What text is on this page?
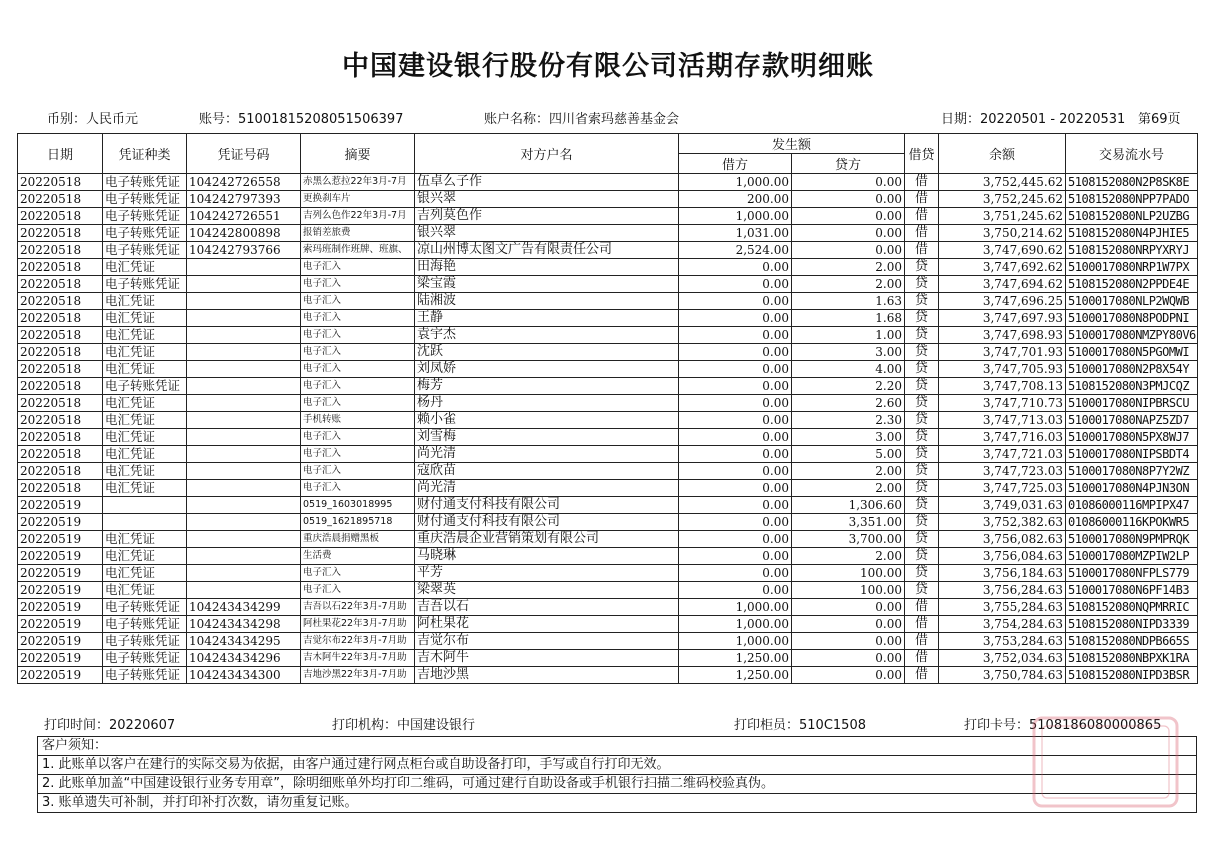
中国建设银行股份有限公司活期存款明细账
币别：人民币元	账号：51001815208051506397	账户名称：四川省索玛慈善基金会	日期：20220501 - 20220531 第69页
日期	凭证种类	凭证号码	摘要	对方户名	发生额		借贷	余额	交易流水号
					借方	贷方			
20220518	电子转账凭证	104242726558	赤黑么惹拉22年3月-7月	伍卓么子作	1,000.00	0.00	借	3,752,445.62	5108152080N2P8SK8E
20220518	电子转账凭证	104242797393	更换刹车片	银兴翠	200.00	0.00	借	3,752,245.62	5108152080NPP7PADO
20220518	电子转账凭证	104242726551	吉列么色作22年3月-7月	吉列莫色作	1,000.00	0.00	借	3,751,245.62	5108152080NLP2UZBG
20220518	电子转账凭证	104242800898	报销差旅费	银兴翠	1,031.00	0.00	借	3,750,214.62	5108152080N4PJHIE5
20220518	电子转账凭证	104242793766	索玛班制作班牌、班旗、	凉山州博太图文广告有限责任公司	2,524.00	0.00	借	3,747,690.62	5108152080NRPYXRYJ
20220518	电汇凭证		电子汇入	田海艳	0.00	2.00	贷	3,747,692.62	5100017080NRP1W7PX
20220518	电子转账凭证		电子汇入	梁宝霞	0.00	2.00	贷	3,747,694.62	5108152080N2PPDE4E
20220518	电汇凭证		电子汇入	陆湘波	0.00	1.63	贷	3,747,696.25	5100017080NLP2WQWB
20220518	电汇凭证		电子汇入	王静	0.00	1.68	贷	3,747,697.93	5100017080N8PODPNI
20220518	电汇凭证		电子汇入	袁宇杰	0.00	1.00	贷	3,747,698.93	5100017080NMZPY80V6
20220518	电汇凭证		电子汇入	沈跃	0.00	3.00	贷	3,747,701.93	5100017080N5PGOMWI
20220518	电汇凭证		电子汇入	刘凤娇	0.00	4.00	贷	3,747,705.93	5100017080N2P8X54Y
20220518	电子转账凭证		电子汇入	梅芳	0.00	2.20	贷	3,747,708.13	5108152080N3PMJCQZ
20220518	电汇凭证		电子汇入	杨丹	0.00	2.60	贷	3,747,710.73	5100017080NIPBRSCU
20220518	电汇凭证		手机转账	赖小雀	0.00	2.30	贷	3,747,713.03	5100017080NAPZ5ZD7
20220518	电汇凭证		电子汇入	刘雪梅	0.00	3.00	贷	3,747,716.03	5100017080N5PX8WJ7
20220518	电汇凭证		电子汇入	尚光清	0.00	5.00	贷	3,747,721.03	5100017080NIPSBDT4
20220518	电汇凭证		电子汇入	寇欣苗	0.00	2.00	贷	3,747,723.03	5100017080N8P7Y2WZ
20220518	电汇凭证		电子汇入	尚光清	0.00	2.00	贷	3,747,725.03	5100017080N4PJN3ON
20220519			0519_1603018995	财付通支付科技有限公司	0.00	1,306.60	贷	3,749,031.63	01086000116MPIPX47
20220519			0519_1621895718	财付通支付科技有限公司	0.00	3,351.00	贷	3,752,382.63	01086000116KPOKWR5
20220519	电汇凭证		重庆浩晨捐赠黑板	重庆浩晨企业营销策划有限公司	0.00	3,700.00	贷	3,756,082.63	5100017080N9PMPRQK
20220519	电汇凭证		生活费	马晓琳	0.00	2.00	贷	3,756,084.63	5100017080MZPIW2LP
20220519	电汇凭证		电子汇入	平芳	0.00	100.00	贷	3,756,184.63	5100017080NFPLS779
20220519	电汇凭证		电子汇入	梁翠英	0.00	100.00	贷	3,756,284.63	5100017080N6PF14B3
20220519	电子转账凭证	104243434299	吉吾以石22年3月-7月助	吉吾以石	1,000.00	0.00	借	3,755,284.63	5108152080NQPMRRIC
20220519	电子转账凭证	104243434298	阿杜果花22年3月-7月助	阿杜果花	1,000.00	0.00	借	3,754,284.63	5108152080NIPD3339
20220519	电子转账凭证	104243434295	吉觉尔布22年3月-7月助	吉觉尔布	1,000.00	0.00	借	3,753,284.63	5108152080NDPB665S
20220519	电子转账凭证	104243434296	吉木阿牛22年3月-7月助	吉木阿牛	1,250.00	0.00	借	3,752,034.63	5108152080NBPXK1RA
20220519	电子转账凭证	104243434300	吉地沙黑22年3月-7月助	吉地沙黑	1,250.00	0.00	借	3,750,784.63	5108152080NIPD3BSR
打印时间：20220607	打印机构：中国建设银行	打印柜员：510C1508	打印卡号：5108186080000865
客户须知：
1. 此账单以客户在建行的实际交易为依据，由客户通过建行网点柜台或自助设备打印，手写或自行打印无效。
2. 此账单加盖“中国建设银行业务专用章”，除明细账单外均打印二维码，可通过建行自助设备或手机银行扫描二维码校验真伪。
3. 账单遗失可补制，并打印补打次数，请勿重复记账。
